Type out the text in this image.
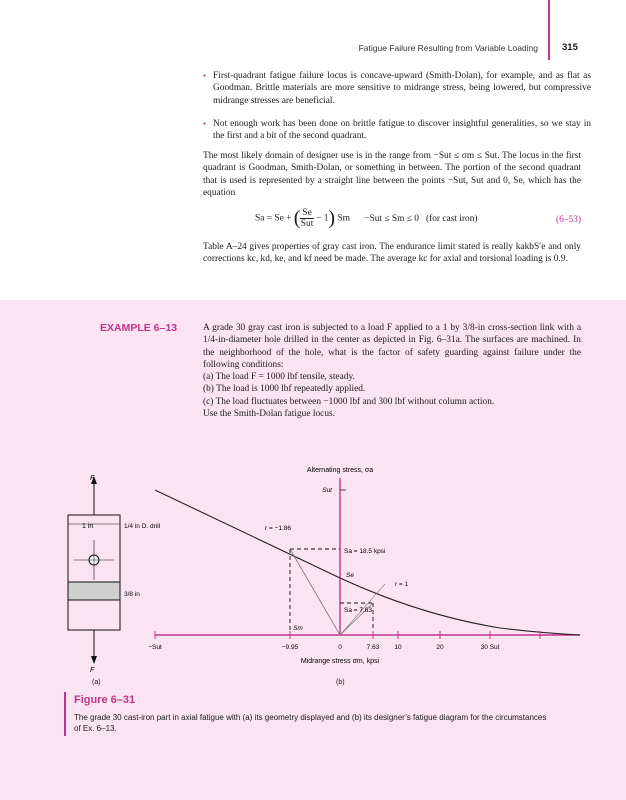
Fatigue Failure Resulting from Variable Loading	315
▪ First-quadrant fatigue failure locus is concave-upward (Smith-Dolan), for example, and as flat as Goodman. Brittle materials are more sensitive to midrange stress, being lowered, but compressive midrange stresses are beneficial.
▪ Not enough work has been done on brittle fatigue to discover insightful generalities, so we stay in the first and a bit of the second quadrant.
The most likely domain of designer use is in the range from −Sut ≤ σm ≤ Sut. The locus in the first quadrant is Goodman, Smith-Dolan, or something in between. The portion of the second quadrant that is used is represented by a straight line between the points −Sut, Sut and 0, Se, which has the equation
Sa = Se + ( $\frac{Se}{\text{Sut}} - 1$) Sm −Sut ≤ Sm ≤ 0   (for cast iron)	(6–53)
Table A–24 gives properties of gray cast iron. The endurance limit stated is really kakbS′e and only corrections kc, kd, ke, and kf need be made. The average kc for axial and torsional loading is 0.9.
EXAMPLE 6–13	A grade 30 gray cast iron is subjected to a load F applied to a 1 by 3/8-in cross-section link with a 1/4-in-diameter hole drilled in the center as depicted in Fig. 6–31a. The surfaces are machined. In the neighborhood of the hole, what is the factor of safety guarding against failure under the following conditions:
(a) The load F = 1000 lbf tensile, steady.
(b) The load is 1000 lbf repeatedly applied.
(c) The load fluctuates between −1000 lbf and 300 lbf without column action.
Use the Smith-Dolan fatigue locus.
F
1 in	1/4 in D. drill
3/8 in
F
(a)
Alternating stress, σa
Sut
r = −1.86
r = 1
Sa = 18.5 kpsi
Sa = 7.63
Se
Sm
−Sut	−9.95	0	7.63 10	20	30 Sut
Midrange stress σm, kpsi
(b)
Figure 6–31
The grade 30 cast-iron part in axial fatigue with (a) its geometry displayed and (b) its designer’s fatigue diagram for the circumstances of Ex. 6–13.
